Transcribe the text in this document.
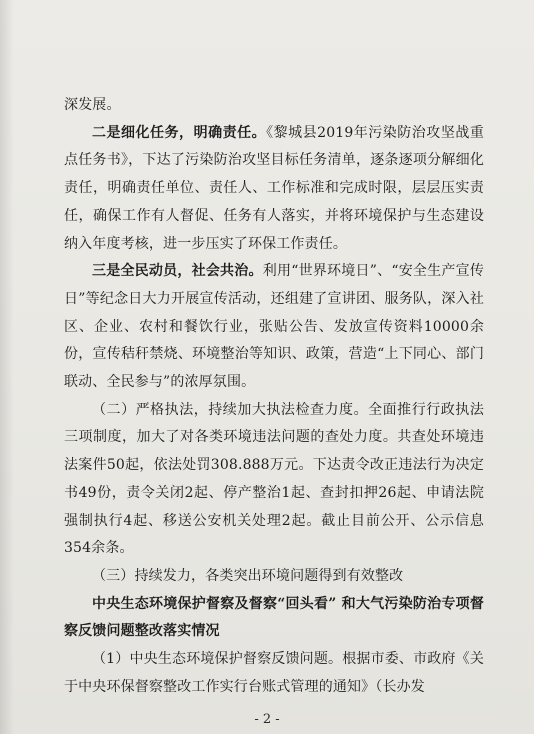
深发展。

二是细化任务，明确责任。《黎城县2019年污染防治攻坚战重点任务书》，下达了污染防治攻坚目标任务清单，逐条逐项分解细化责任，明确责任单位、责任人、工作标准和完成时限，层层压实责任，确保工作有人督促、任务有人落实，并将环境保护与生态建设纳入年度考核，进一步压实了环保工作责任。

三是全民动员，社会共治。利用“世界环境日”、“安全生产宣传日”等纪念日大力开展宣传活动，还组建了宣讲团、服务队，深入社区、企业、农村和餐饮行业，张贴公告、发放宣传资料10000余份，宣传秸秆禁烧、环境整治等知识、政策，营造“上下同心、部门联动、全民参与”的浓厚氛围。

（二）严格执法，持续加大执法检查力度。全面推行行政执法三项制度，加大了对各类环境违法问题的查处力度。共查处环境违法案件50起，依法处罚308.888万元。下达责令改正违法行为决定书49份，责令关闭2起、停产整治1起、查封扣押26起、申请法院强制执行4起、移送公安机关处理2起。截止目前公开、公示信息354余条。

（三）持续发力，各类突出环境问题得到有效整改

中央生态环境保护督察及督察“回头看” 和大气污染防治专项督察反馈问题整改落实情况

（1）中央生态环境保护督察反馈问题。根据市委、市政府《关于中央环保督察整改工作实行台账式管理的通知》（长办发

- 2 -
